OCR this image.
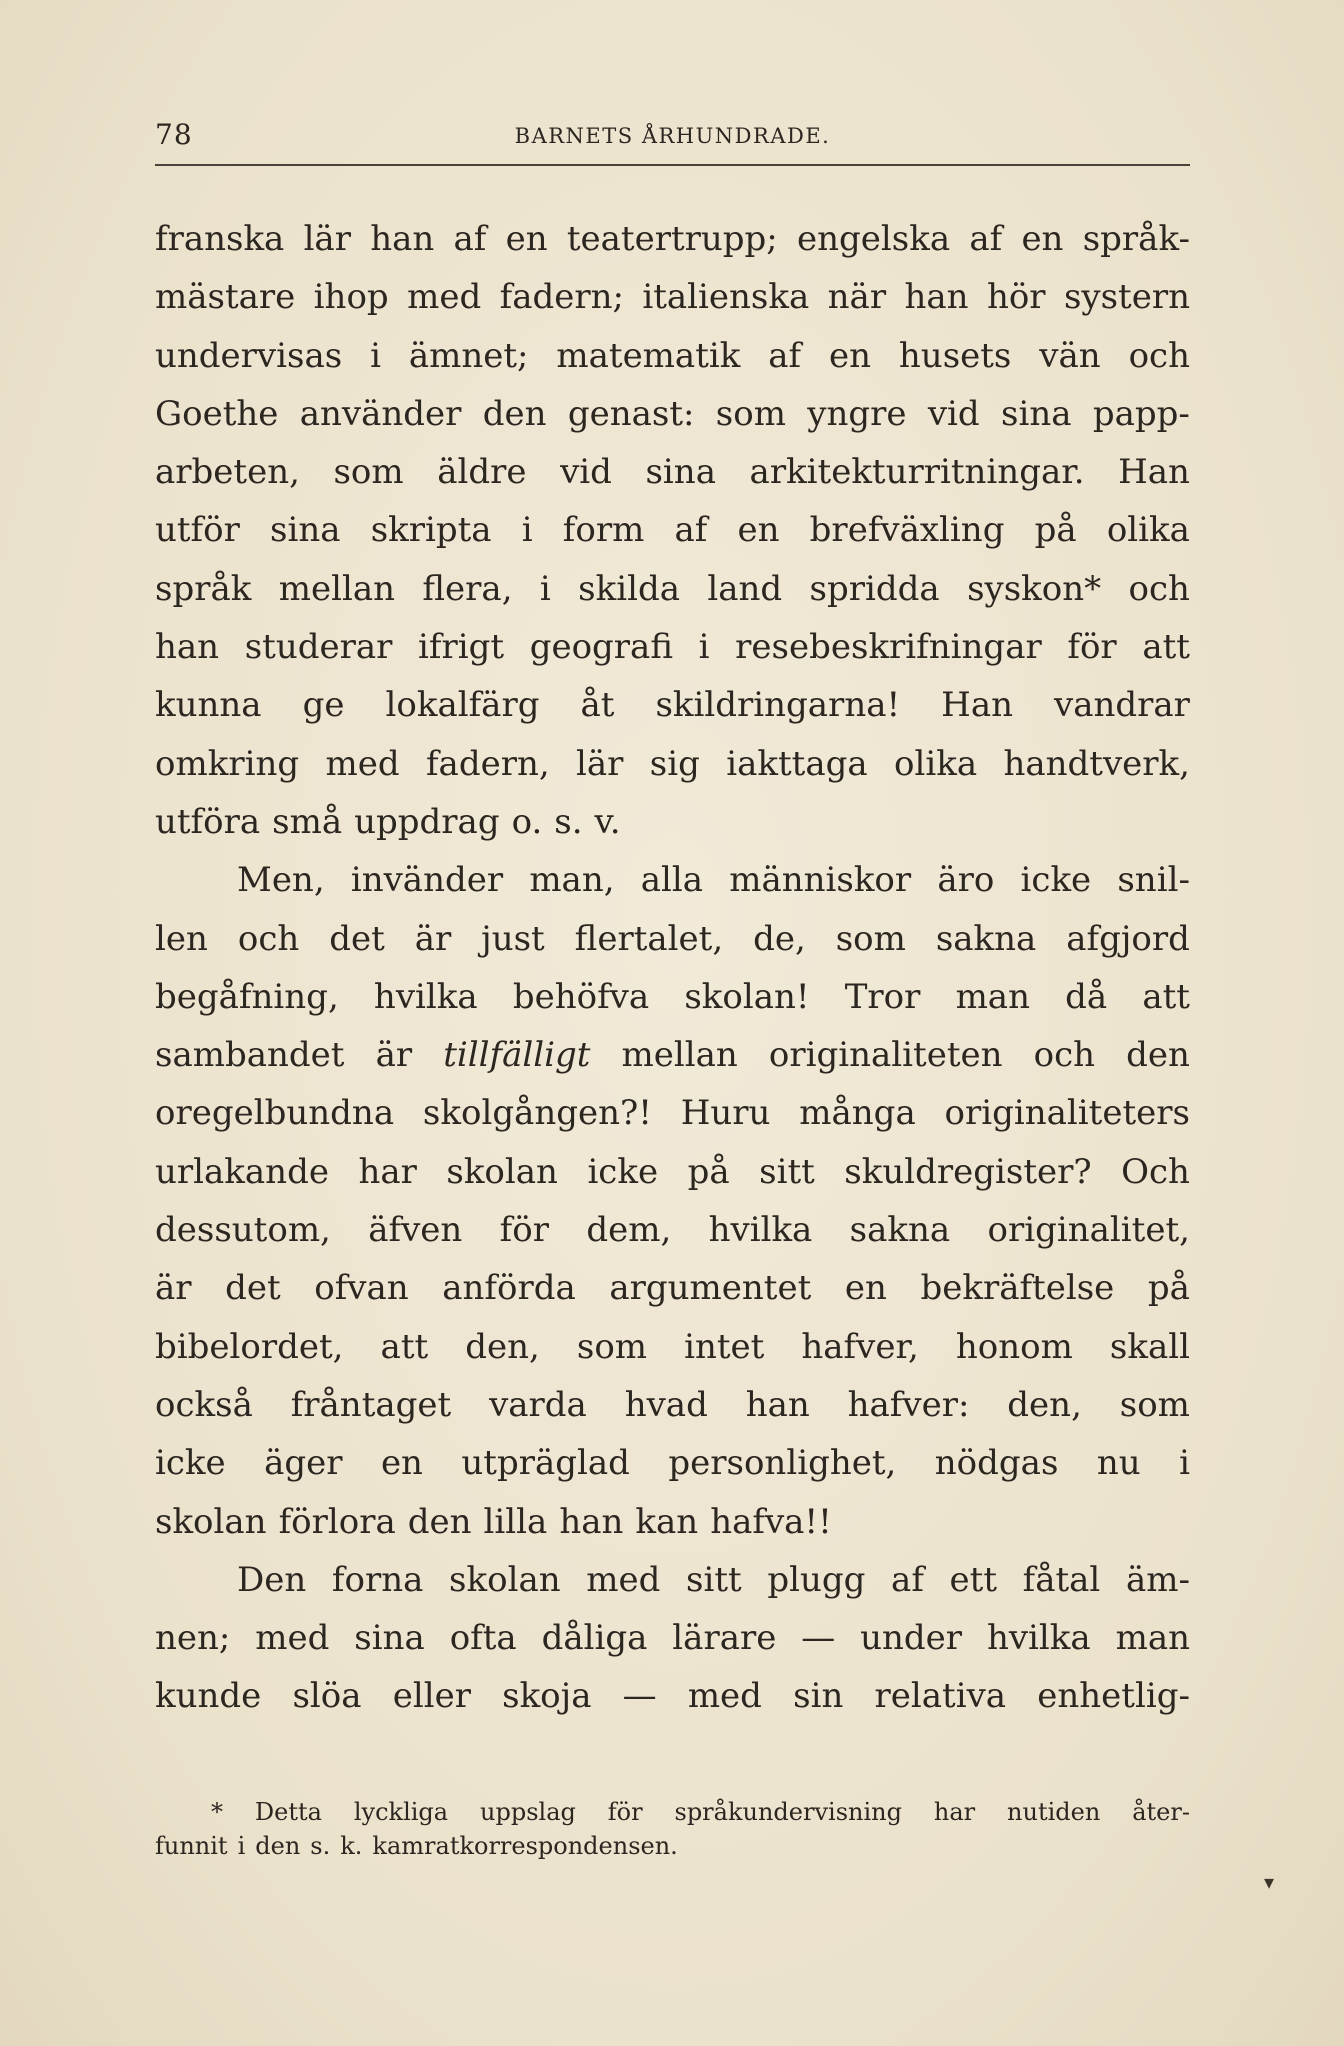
78	BARNETS ÅRHUNDRADE.
franska lär han af en teatertrupp; engelska af en språk-
mästare ihop med fadern; italienska när han hör systern
undervisas i ämnet; matematik af en husets vän och
Goethe använder den genast: som yngre vid sina papp-
arbeten, som äldre vid sina arkitekturritningar. Han
utför sina skripta i form af en brefväxling på olika
språk mellan flera, i skilda land spridda syskon* och
han studerar ifrigt geografi i resebeskrifningar för att
kunna ge lokalfärg åt skildringarna! Han vandrar
omkring med fadern, lär sig iakttaga olika handtverk,
utföra små uppdrag o. s. v.
Men, invänder man, alla människor äro icke snil-
len och det är just flertalet, de, som sakna afgjord
begåfning, hvilka behöfva skolan! Tror man då att
sambandet är tillfälligt mellan originaliteten och den
oregelbundna skolgången?! Huru många originaliteters
urlakande har skolan icke på sitt skuldregister? Och
dessutom, äfven för dem, hvilka sakna originalitet,
är det ofvan anförda argumentet en bekräftelse på
bibelordet, att den, som intet hafver, honom skall
också fråntaget varda hvad han hafver: den, som
icke äger en utpräglad personlighet, nödgas nu i
skolan förlora den lilla han kan hafva!!
Den forna skolan med sitt plugg af ett fåtal äm-
nen; med sina ofta dåliga lärare — under hvilka man
kunde slöa eller skoja — med sin relativa enhetlig-
* Detta lyckliga uppslag för språkundervisning har nutiden åter-
funnit i den s. k. kamratkorrespondensen.
▾
